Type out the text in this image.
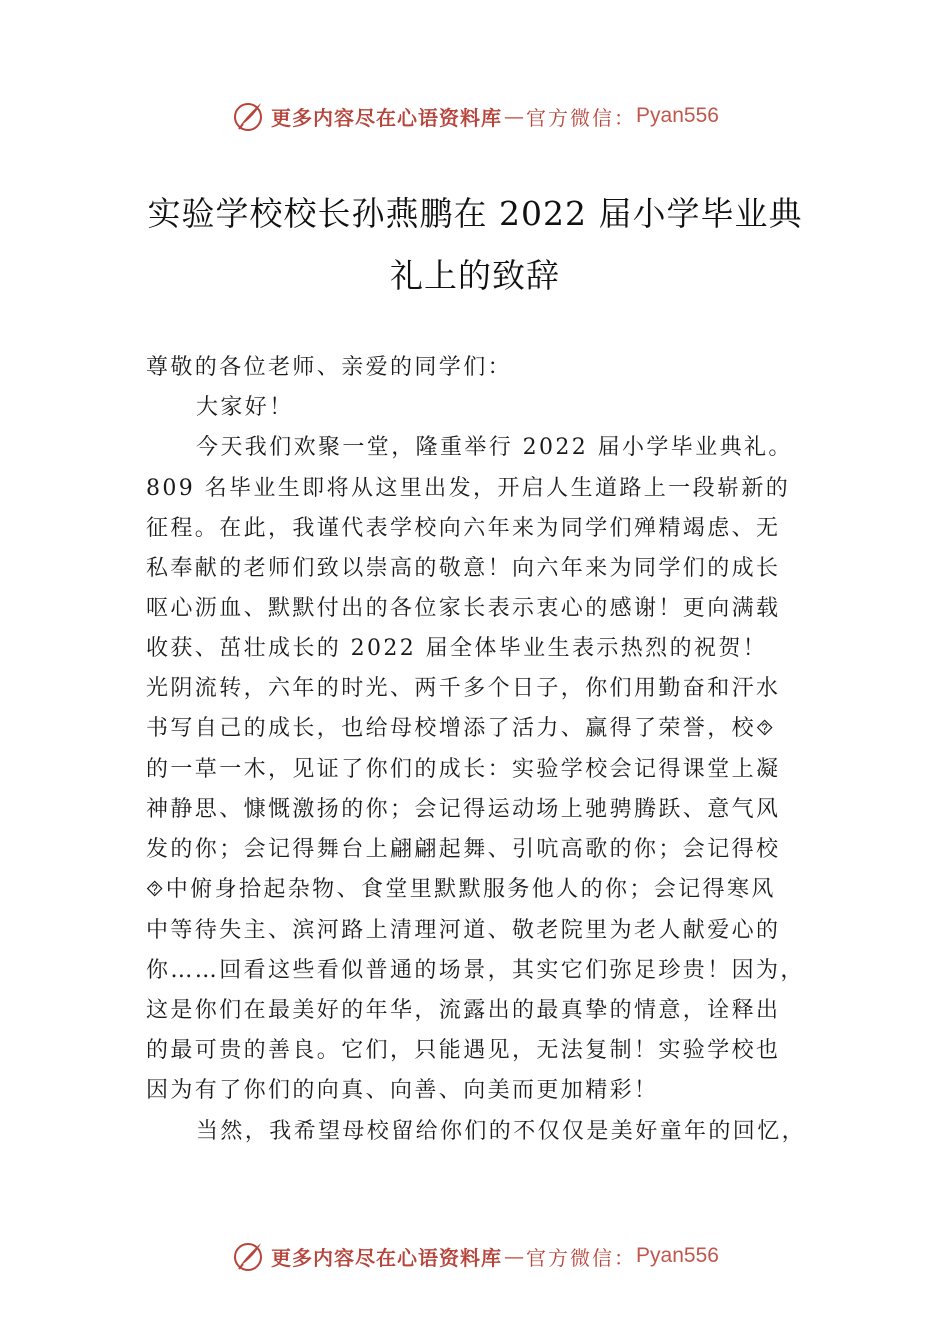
更多内容尽在心语资料库 — 官方微信： Pyan556
实验学校校长孙燕鹏在 2022 届小学毕业典
礼上的致辞

尊敬的各位老师、亲爱的同学们：

大家好！

今天我们欢聚一堂，隆重举行 2022 届小学毕业典礼。

809 名毕业生即将从这里出发，开启人生道路上一段崭新的

征程。在此，我谨代表学校向六年来为同学们殚精竭虑、无

私奉献的老师们致以崇高的敬意！向六年来为同学们的成长

呕心沥血、默默付出的各位家长表示衷心的感谢！更向满载

收获、茁壮成长的 2022 届全体毕业生表示热烈的祝贺！

光阴流转，六年的时光、两千多个日子，你们用勤奋和汗水

书写自己的成长，也给母校增添了活力、赢得了荣誉，校⯑

的一草一木，见证了你们的成长：实验学校会记得课堂上凝

神静思、慷慨激扬的你；会记得运动场上驰骋腾跃、意气风

发的你；会记得舞台上翩翩起舞、引吭高歌的你；会记得校

⯑中俯身拾起杂物、食堂里默默服务他人的你；会记得寒风

中等待失主、滨河路上清理河道、敬老院里为老人献爱心的

你……回看这些看似普通的场景，其实它们弥足珍贵！因为，

这是你们在最美好的年华，流露出的最真挚的情意，诠释出

的最可贵的善良。它们，只能遇见，无法复制！实验学校也

因为有了你们的向真、向善、向美而更加精彩！

当然，我希望母校留给你们的不仅仅是美好童年的回忆，

更多内容尽在心语资料库 — 官方微信： Pyan556
